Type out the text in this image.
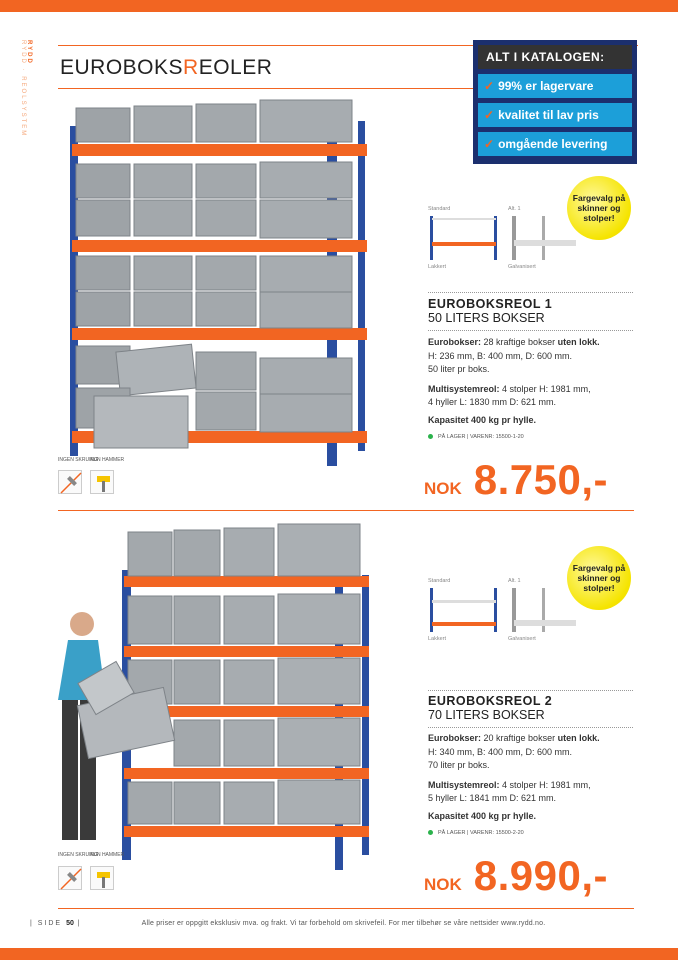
RYDD
RYDD · REOLSYSTEM EUROBOKSREOLER	ALT I KATALOGEN:
✓ 99% er lagervare
✓ kvalitet til lav pris
✓ omgående levering
INGEN SKRUING
KUN HAMMER
Fargevalg på skinner og stolper!
Standard	Alt. 1
Lakkert	Galvanisert
EUROBOKSREOL 1
50 LITERS BOKSER
Eurobokser: 28 kraftige bokser uten lokk.
H: 236 mm, B: 400 mm, D: 600 mm.
50 liter pr boks.
Multisystemreol: 4 stolper H: 1981 mm,
4 hyller L: 1830 mm D: 621 mm.
Kapasitet 400 kg pr hylle.
PÅ LAGER | VARENR: 15500-1-20
NOK 8.750,-
INGEN SKRUING
KUN HAMMER
Fargevalg på skinner og stolper!
Standard	Alt. 1
Lakkert	Galvanisert
EUROBOKSREOL 2
70 LITERS BOKSER
Eurobokser: 20 kraftige bokser uten lokk.
H: 340 mm, B: 400 mm, D: 600 mm.
70 liter pr boks.
Multisystemreol: 4 stolper H: 1981 mm,
5 hyller L: 1841 mm D: 621 mm.
Kapasitet 400 kg pr hylle.
PÅ LAGER | VARENR: 15500-2-20
NOK 8.990,-
| SIDE 50 |	Alle priser er oppgitt eksklusiv mva. og frakt. Vi tar forbehold om skrivefeil. For mer tilbehør se våre nettsider www.rydd.no.
